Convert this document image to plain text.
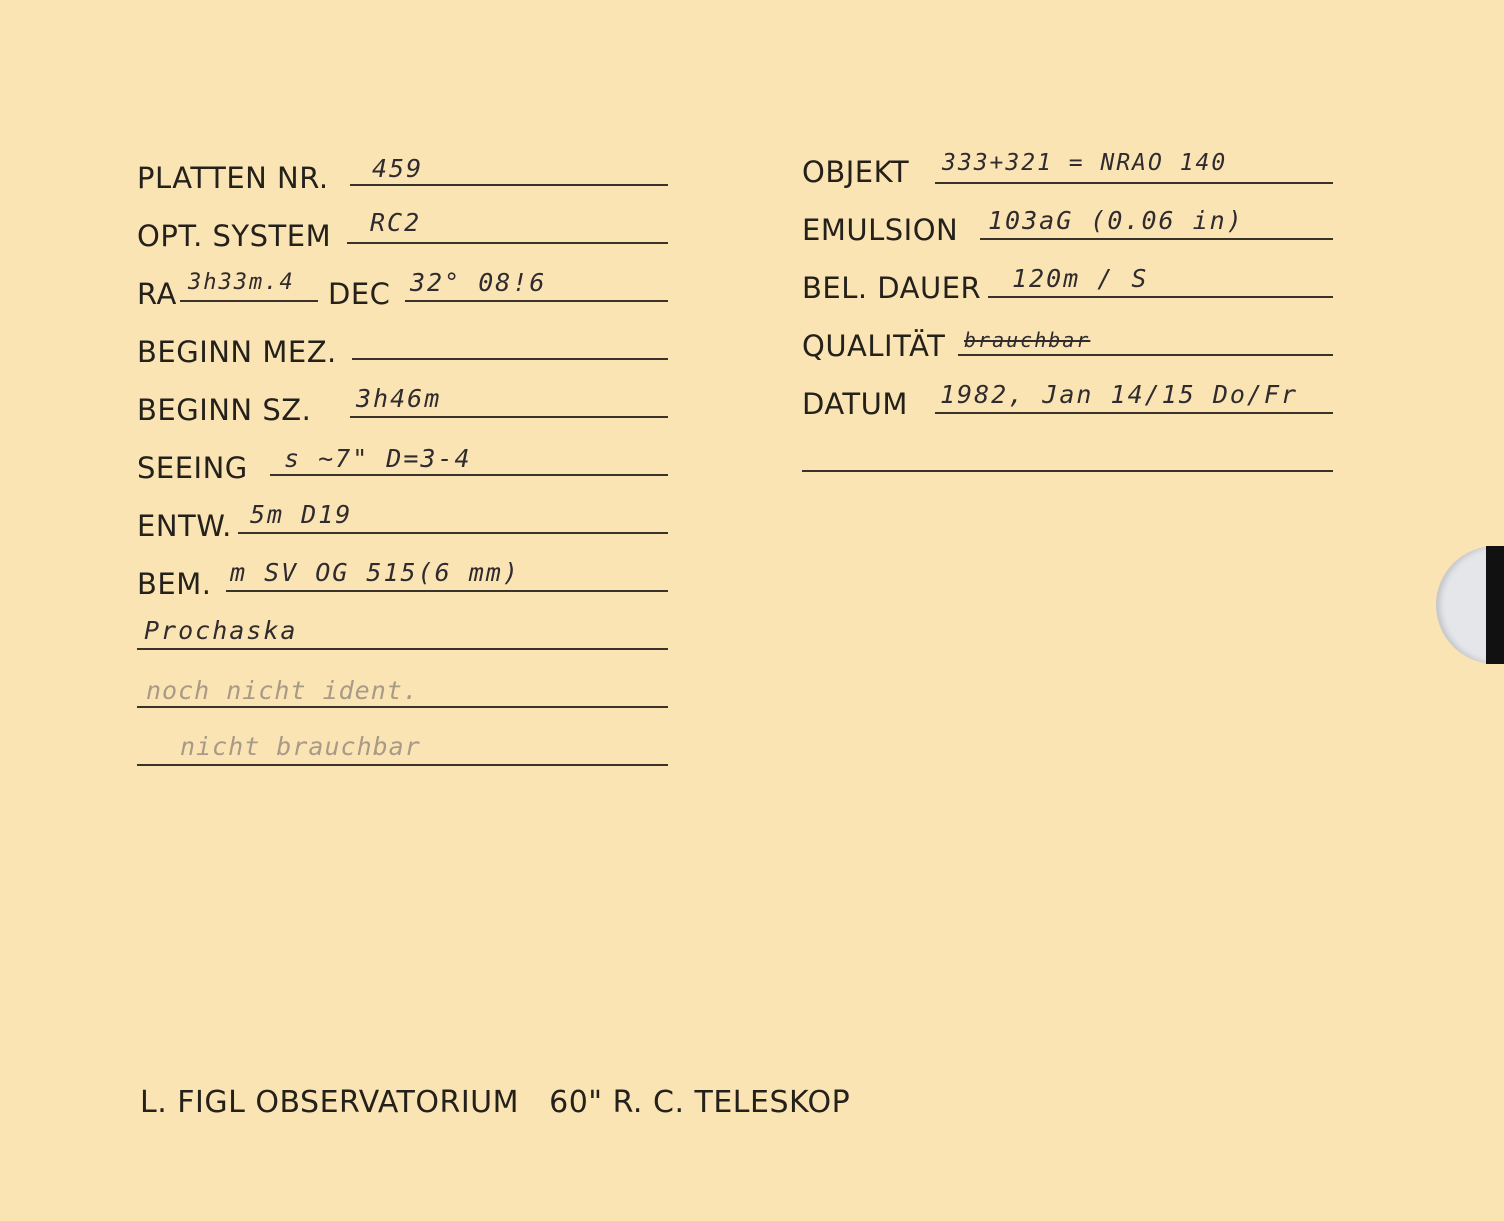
PLATTEN NR. 459
OPT. SYSTEM RC2
RA 3h33m.4 DEC 32° 08!6
BEGINN MEZ.
BEGINN SZ. 3h46m
SEEING s ~7" D=3-4
ENTW. 5m D19
BEM. m SV OG 515(6 mm)
Prochaska
noch nicht ident.
nicht brauchbar
OBJEKT 333+321 = NRAO 140
EMULSION 103aG (0.06 in)
BEL. DAUER 120m / S
QUALITÄT brauchbar
DATUM 1982, Jan 14/15 Do/Fr
L. FIGL OBSERVATORIUM   60" R. C. TELESKOP
